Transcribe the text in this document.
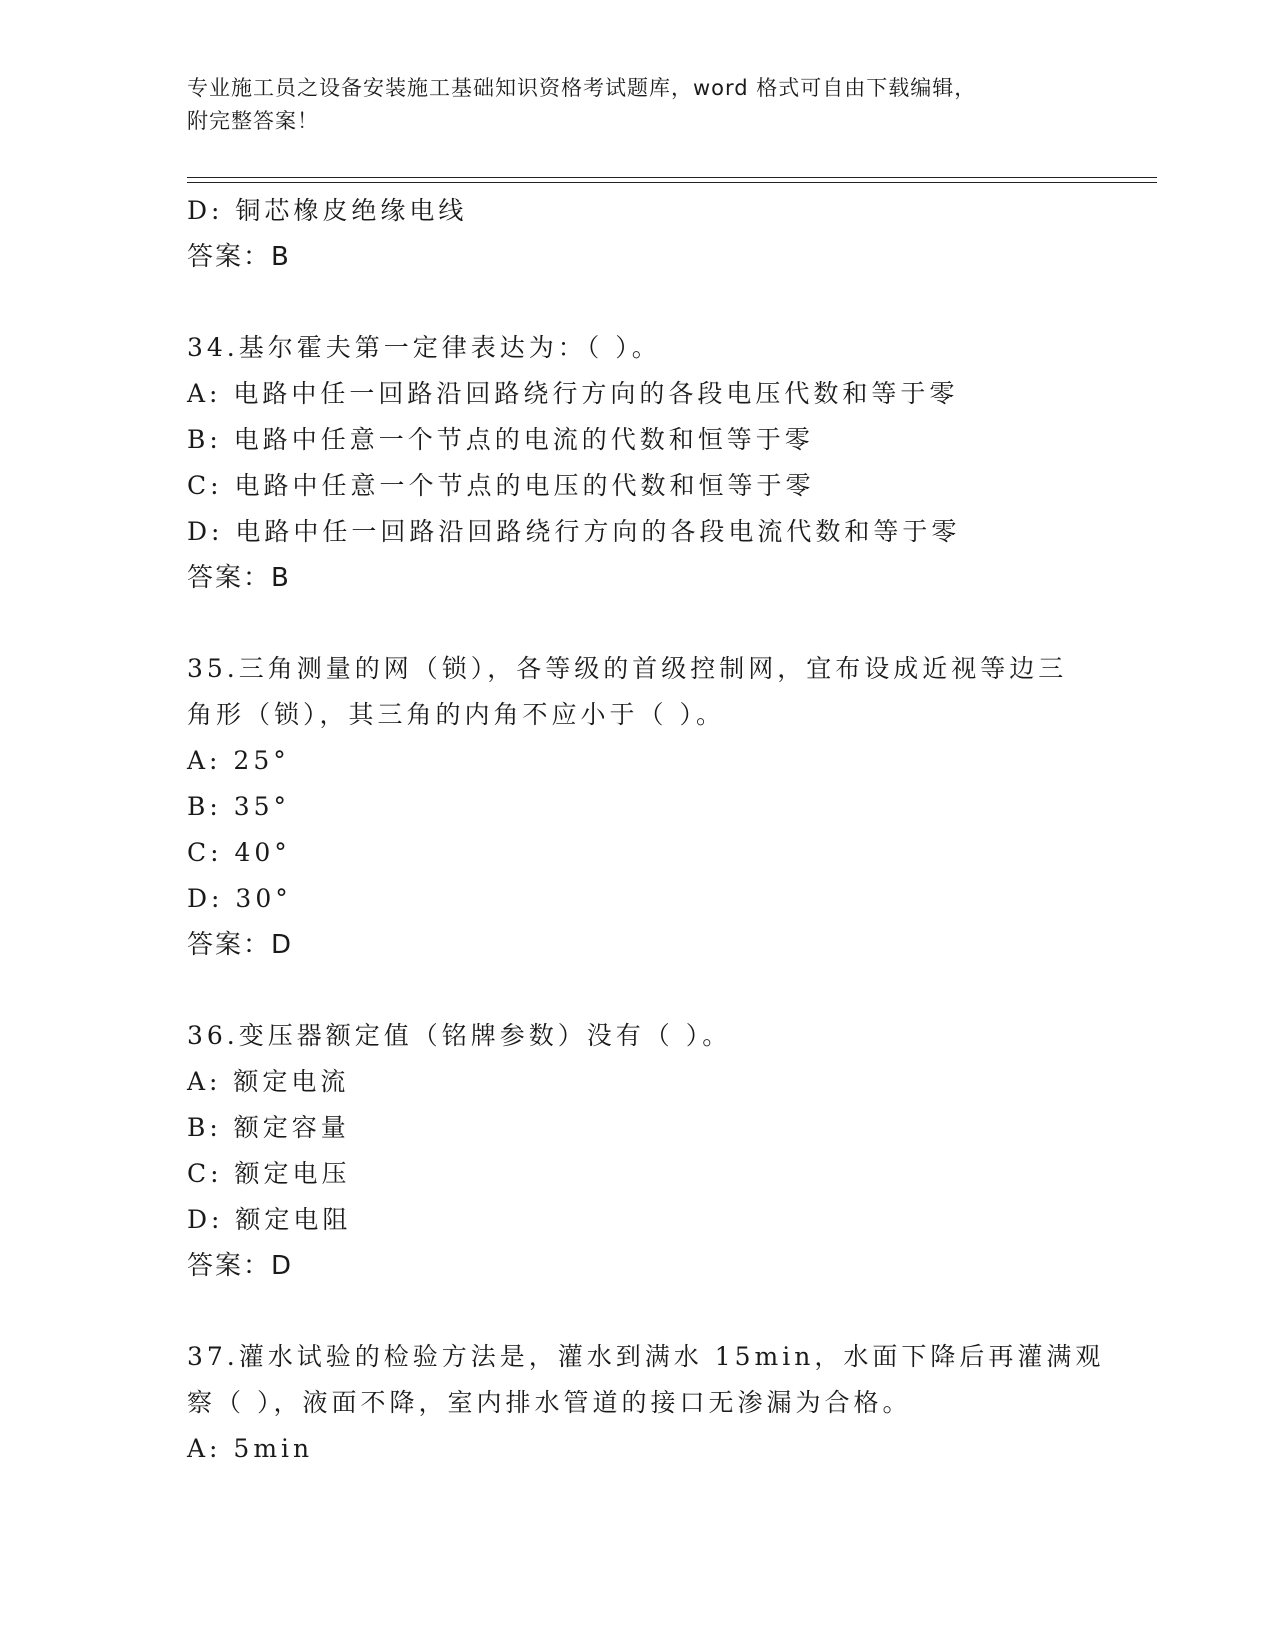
专业施工员之设备安装施工基础知识资格考试题库，word 格式可自由下载编辑，
附完整答案！
D: 铜芯橡皮绝缘电线
答案：B
34.基尔霍夫第一定律表达为：（ ）。
A: 电路中任一回路沿回路绕行方向的各段电压代数和等于零
B: 电路中任意一个节点的电流的代数和恒等于零
C: 电路中任意一个节点的电压的代数和恒等于零
D: 电路中任一回路沿回路绕行方向的各段电流代数和等于零
答案：B
35.三角测量的网（锁），各等级的首级控制网，宜布设成近视等边三
角形（锁），其三角的内角不应小于（ ）。
A: 25°
B: 35°
C: 40°
D: 30°
答案：D
36.变压器额定值（铭牌参数）没有（ ）。
A: 额定电流
B: 额定容量
C: 额定电压
D: 额定电阻
答案：D
37.灌水试验的检验方法是，灌水到满水 15min，水面下降后再灌满观
察（ ），液面不降，室内排水管道的接口无渗漏为合格。
A: 5min
